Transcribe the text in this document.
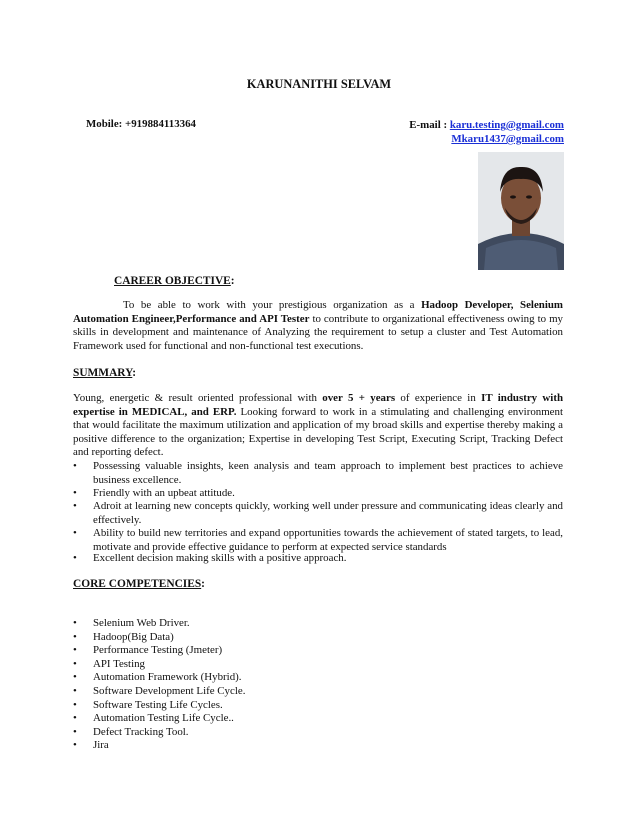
KARUNANITHI SELVAM
Mobile: +919884113364	E-mail : karu.testing@gmail.com
Mkaru1437@gmail.com
CAREER OBJECTIVE:
To be able to work with your prestigious organization as a Hadoop Developer, Selenium Automation Engineer,Performance and API Tester to contribute to organizational effectiveness owing to my skills in development and maintenance of Analyzing the requirement to setup a cluster and Test Automation Framework used for functional and non-functional test executions.
SUMMARY:
Young, energetic & result oriented professional with over 5 + years of experience in IT industry with expertise in MEDICAL, and ERP. Looking forward to work in a stimulating and challenging environment that would facilitate the maximum utilization and application of my broad skills and expertise thereby making a positive difference to the organization; Expertise in developing Test Script, Executing Script, Tracking Defect and reporting defect.
• Possessing valuable insights, keen analysis and team approach to implement best practices to achieve business excellence.
• Friendly with an upbeat attitude.
• Adroit at learning new concepts quickly, working well under pressure and communicating ideas clearly and effectively.
• Ability to build new territories and expand opportunities towards the achievement of stated targets, to lead, motivate and provide effective guidance to perform at expected service standards
• Excellent decision making skills with a positive approach.
CORE COMPETENCIES:
• Selenium Web Driver.
• Hadoop(Big Data)
• Performance Testing (Jmeter)
• API Testing
• Automation Framework (Hybrid).
• Software Development Life Cycle.
• Software Testing Life Cycles.
• Automation Testing Life Cycle..
• Defect Tracking Tool.
• Jira
